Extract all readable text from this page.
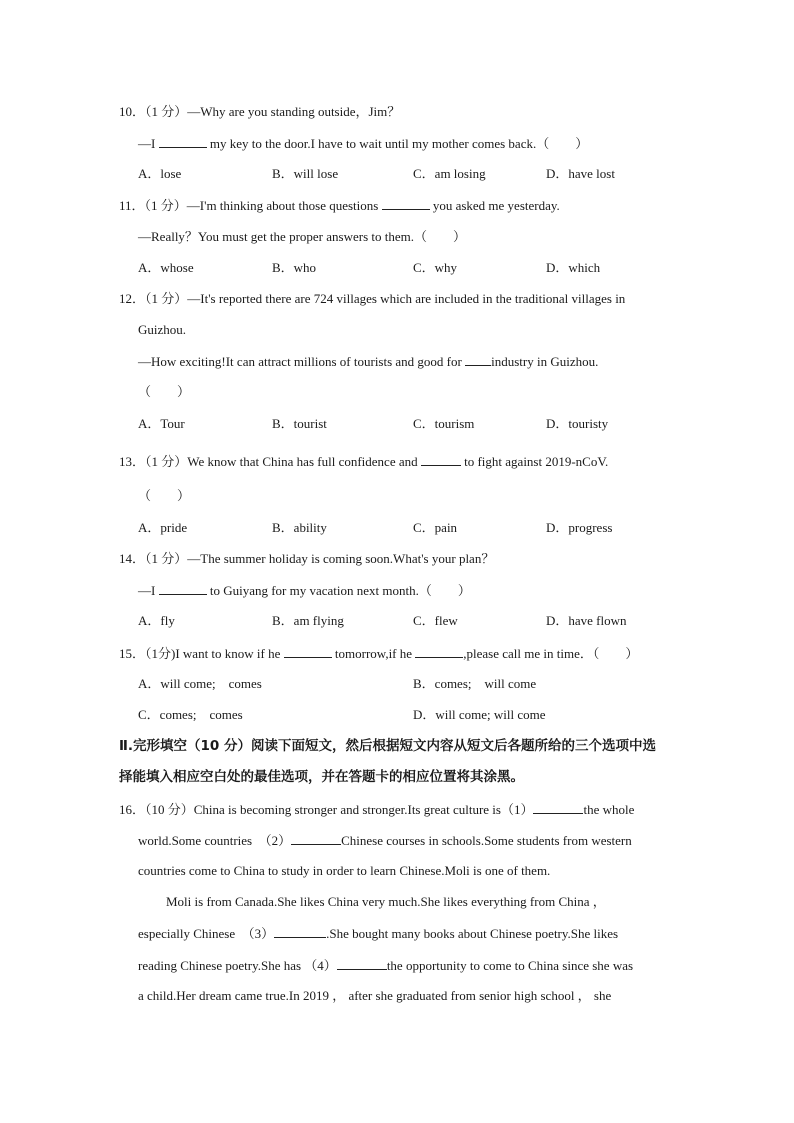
10．（1 分）—Why are you standing outside，Jim？
—I	my key to the door.I have to wait until my mother comes back.（　　）
A．lose	B．will lose	C．am losing	D．have lost
11．（1 分）—I'm thinking about those questions	you asked me yesterday.
—Really？You must get the proper answers to them.（　　）
A．whose	B．who	C．why	D．which
12．（1 分）—It's reported there are 724 villages which are included in the traditional villages in
Guizhou.
—How exciting!It can attract millions of tourists and good for industry in Guizhou.
（　　）
A．Tour	B．tourist	C．tourism	D．touristy
13．（1 分）We know that China has full confidence and	to fight against 2019-nCoV.
（　　）
A．pride	B．ability	C．pain	D．progress
14．（1 分）—The summer holiday is coming soon.What's your plan？
—I	to Guiyang for my vacation next month.（　　）
A．fly	B．am flying	C．flew	D．have flown
15．（1分)I want to know if he	tomorrow,if he	,please call me in time．（　　）
A．will come;　comes	B．comes;　will come
C．comes;　comes	D．will come; will come
Ⅱ.完形填空（10 分）阅读下面短文，然后根据短文内容从短文后各题所给的三个选项中选
择能填入相应空白处的最佳选项，并在答题卡的相应位置将其涂黑。
16．（10 分）China is becoming stronger and stronger.Its great culture is（1）	the whole
world.Some countries　（2）	Chinese courses in schools.Some students from western
countries come to China to study in order to learn Chinese.Moli is one of them.
Moli is from Canada.She likes China very much.She likes everything from China ，
especially Chinese　（3）	.She bought many books about Chinese poetry.She likes
reading Chinese poetry.She has （4）	the opportunity to come to China since she was
a child.Her dream came true.In 2019 ， after she graduated from senior high school ， she
